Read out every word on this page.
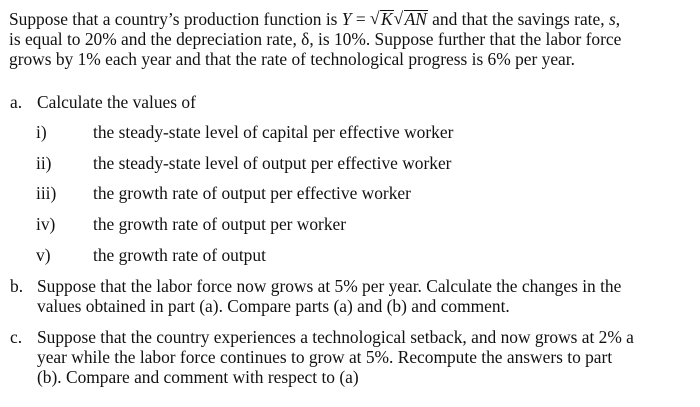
Suppose that a country’s production function is Y = √ K √ AN and that the savings rate, s,
is equal to 20% and the depreciation rate, δ, is 10%. Suppose further that the labor force
grows by 1% each year and that the rate of technological progress is 6% per year.

a. Calculate the values of
i)	the steady-state level of capital per effective worker
ii)	the steady-state level of output per effective worker
iii)	the growth rate of output per effective worker
iv)	the growth rate of output per worker
v)	the growth rate of output
b. Suppose that the labor force now grows at 5% per year. Calculate the changes in the
values obtained in part (a). Compare parts (a) and (b) and comment.
c. Suppose that the country experiences a technological setback, and now grows at 2% a
year while the labor force continues to grow at 5%. Recompute the answers to part
(b). Compare and comment with respect to (a)
